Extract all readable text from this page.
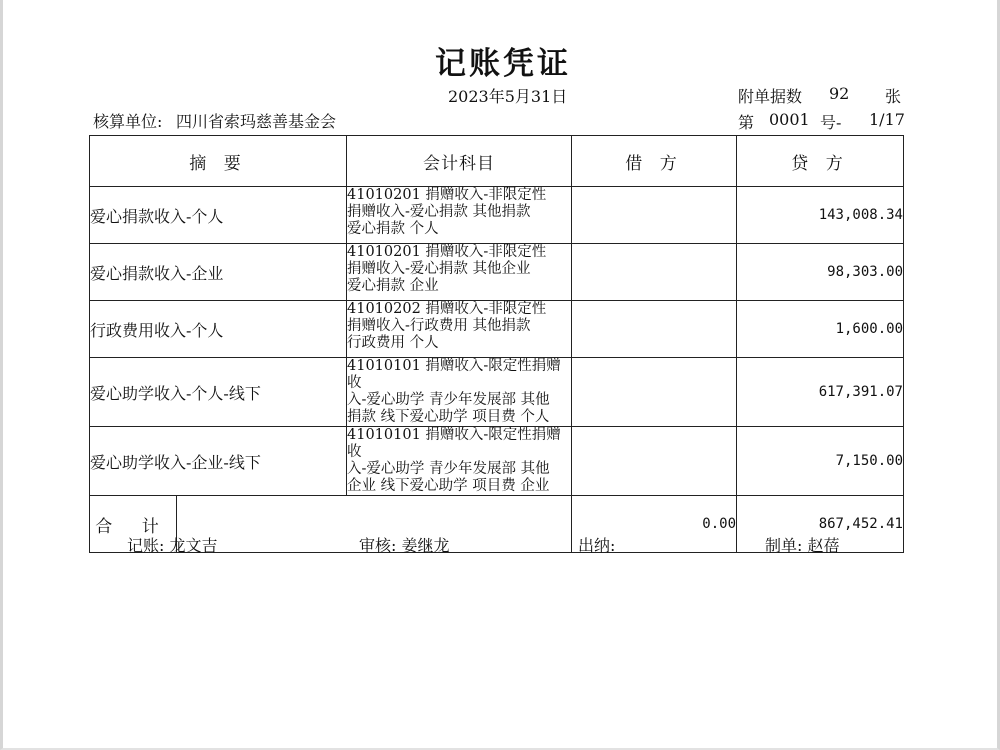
记账凭证
2023年5月31日	附单据数 92 张
核算单位: 四川省索玛慈善基金会	第 0001 号- 1/17
摘 要		会计科目	借 方	贷 方
爱心捐款收入-个人		41010201 捐赠收入-非限定性
捐赠收入-爱心捐款 其他捐款
爱心捐款 个人		143,008.34
爱心捐款收入-企业		41010201 捐赠收入-非限定性
捐赠收入-爱心捐款 其他企业
爱心捐款 企业		98,303.00
行政费用收入-个人		41010202 捐赠收入-非限定性
捐赠收入-行政费用 其他捐款
行政费用 个人		1,600.00
爱心助学收入-个人-线下		41010101 捐赠收入-限定性捐赠收
入-爱心助学 青少年发展部 其他
捐款 线下爱心助学 项目费 个人		617,391.07
爱心助学收入-企业-线下		41010101 捐赠收入-限定性捐赠收
入-爱心助学 青少年发展部 其他
企业 线下爱心助学 项目费 企业		7,150.00
合 计			0.00	867,452.41
记账: 龙文吉	审核: 姜继龙	出纳:	制单: 赵蓓
